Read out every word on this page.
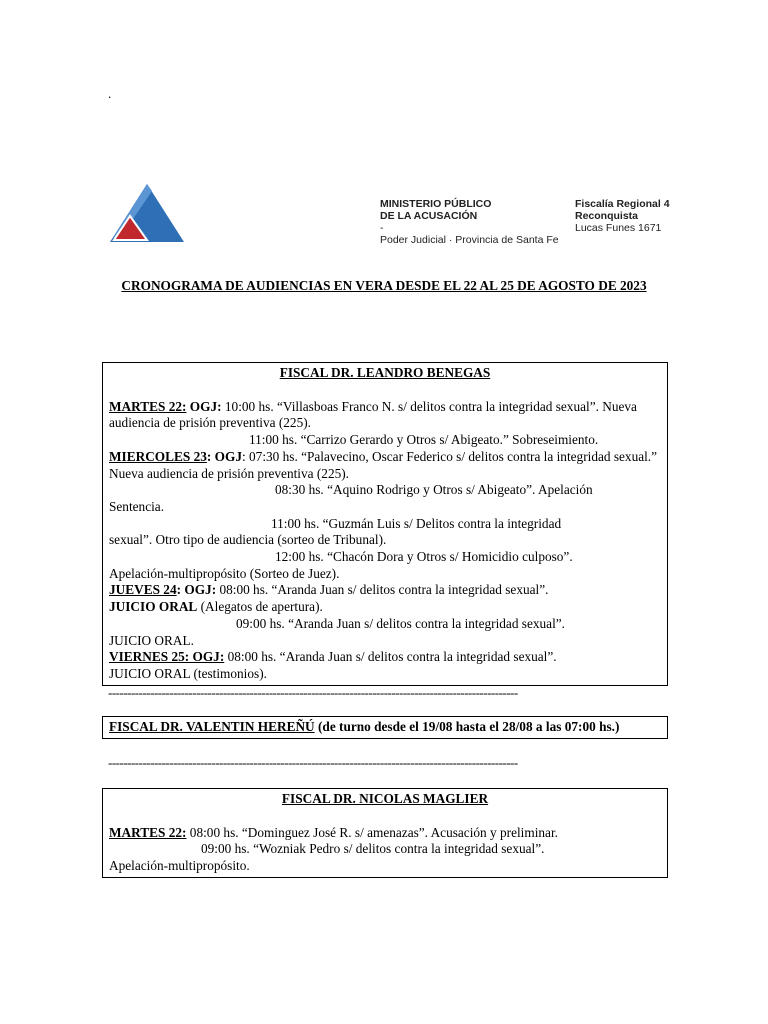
.
MINISTERIO PÚBLICO
DE LA ACUSACIÓN
-
Poder Judicial · Provincia de Santa Fe
Fiscalía Regional 4
Reconquista
Lucas Funes 1671
CRONOGRAMA DE AUDIENCIAS EN VERA DESDE EL 22 AL 25 DE AGOSTO DE 2023
FISCAL DR. LEANDRO BENEGAS
MARTES 22: OGJ: 10:00 hs. “Villasboas Franco N. s/ delitos contra la integridad sexual”. Nueva audiencia de prisión preventiva (225).
11:00 hs. “Carrizo Gerardo y Otros s/ Abigeato.” Sobreseimiento.
MIERCOLES 23: OGJ: 07:30 hs. “Palavecino, Oscar Federico s/ delitos contra la integridad sexual.” Nueva audiencia de prisión preventiva (225).
08:30 hs. “Aquino Rodrigo y Otros s/ Abigeato”. Apelación
Sentencia.
11:00 hs. “Guzmán Luis s/ Delitos contra la integridad
sexual”. Otro tipo de audiencia (sorteo de Tribunal).
12:00 hs. “Chacón Dora y Otros s/ Homicidio culposo”.
Apelación-multipropósito (Sorteo de Juez).
JUEVES 24: OGJ: 08:00 hs. “Aranda Juan s/ delitos contra la integridad sexual”.
JUICIO ORAL (Alegatos de apertura).
09:00 hs. “Aranda Juan s/ delitos contra la integridad sexual”.
JUICIO ORAL.
VIERNES 25: OGJ: 08:00 hs. “Aranda Juan s/ delitos contra la integridad sexual”.
JUICIO ORAL (testimonios).
-----------------------------------------------------------------------------------------------------------
FISCAL DR. VALENTIN HEREÑÚ (de turno desde el 19/08 hasta el 28/08 a las 07:00 hs.)
-----------------------------------------------------------------------------------------------------------
FISCAL DR. NICOLAS MAGLIER
MARTES 22: 08:00 hs. “Dominguez José R. s/ amenazas”. Acusación y preliminar.
09:00 hs. “Wozniak Pedro s/ delitos contra la integridad sexual”.
Apelación-multipropósito.
